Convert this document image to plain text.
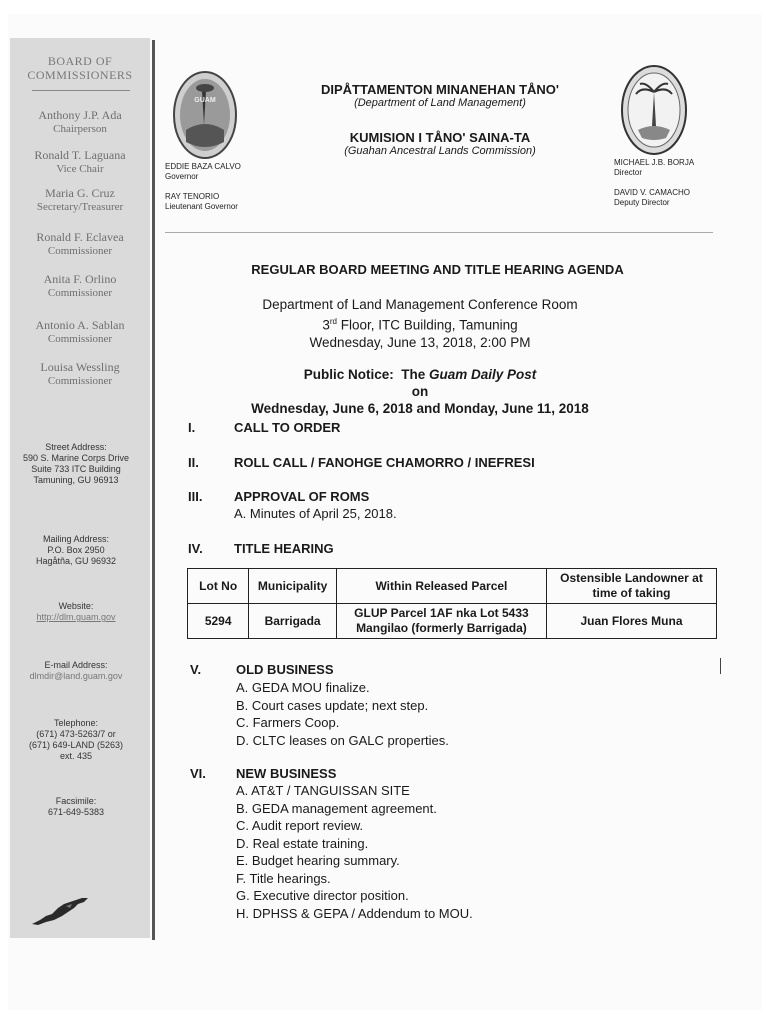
BOARD OF
COMMISSIONERS
Anthony J.P. Ada
Chairperson
Ronald T. Laguana
Vice Chair
Maria G. Cruz
Secretary/Treasurer
Ronald F. Eclavea
Commissioner
Anita F. Orlino
Commissioner
Antonio A. Sablan
Commissioner
Louisa Wessling
Commissioner
Street Address:
590 S. Marine Corps Drive
Suite 733 ITC Building
Tamuning, GU 96913
Mailing Address:
P.O. Box 2950
Hagåtña, GU 96932
Website:
http://dlm.guam.gov
E-mail Address:
dlmdir@land.guam.gov
Telephone:
(671) 473-5263/7 or
(671) 649-LAND (5263)
ext. 435
Facsimile:
671-649-5383
GUAM
DIPÅTTAMENTON MINANEHAN TÅNO'
(Department of Land Management)
KUMISION I TÅNO' SAINA-TA
(Guahan Ancestral Lands Commission)
EDDIE BAZA CALVO
Governor
RAY TENORIO
Lieutenant Governor
MICHAEL J.B. BORJA
Director
DAVID V. CAMACHO
Deputy Director
REGULAR BOARD MEETING AND TITLE HEARING AGENDA
Department of Land Management Conference Room
3rd Floor, ITC Building, Tamuning
Wednesday, June 13, 2018, 2:00 PM
Public Notice:  The Guam Daily Post
on
Wednesday, June 6, 2018 and Monday, June 11, 2018
I.	CALL TO ORDER
II.	ROLL CALL / FANOHGE CHAMORRO / INEFRESI
III. APPROVAL OF ROMS
A. Minutes of April 25, 2018.
IV. TITLE HEARING
Lot No	Municipality	Within Released Parcel	Ostensible Landowner at time of taking
5294	Barrigada	GLUP Parcel 1AF nka Lot 5433 Mangilao (formerly Barrigada)	Juan Flores Muna
V.	OLD BUSINESS
A. GEDA MOU finalize.
B. Court cases update; next step.
C. Farmers Coop.
D. CLTC leases on GALC properties.
VI. NEW BUSINESS
A. AT&T / TANGUISSAN SITE
B. GEDA management agreement.
C. Audit report review.
D. Real estate training.
E. Budget hearing summary.
F. Title hearings.
G. Executive director position.
H. DPHSS & GEPA / Addendum to MOU.
